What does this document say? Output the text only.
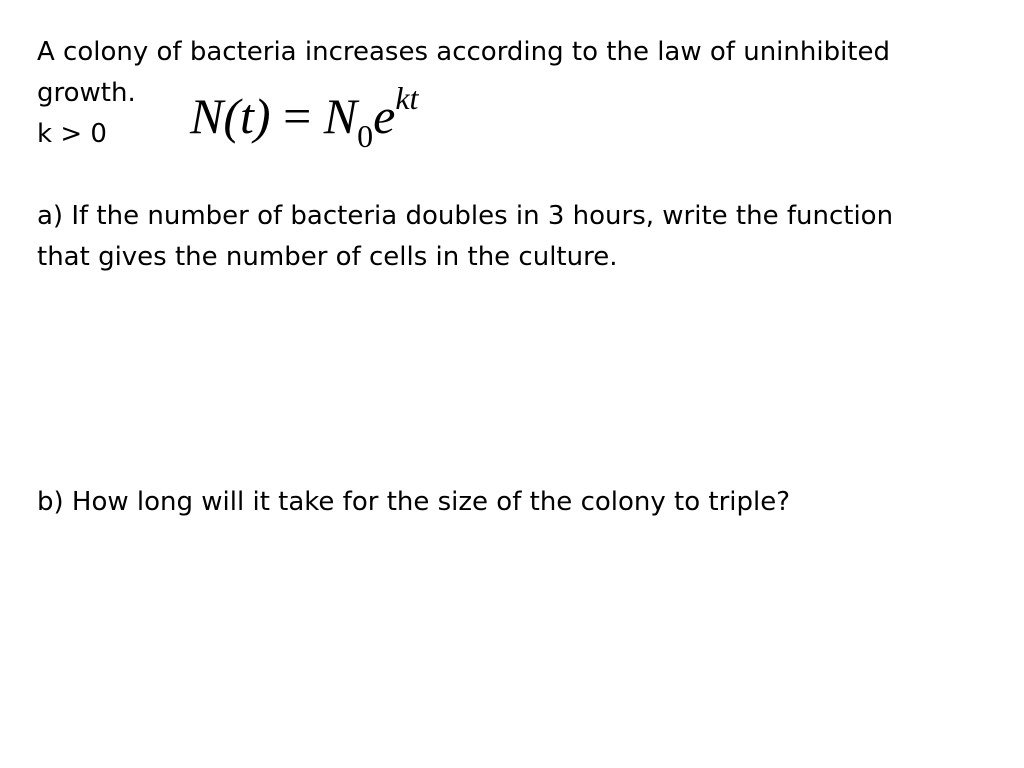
A colony of bacteria increases according to the law of uninhibited

growth.

k > 0 $N(t) = N_0e^{kt}$

a) If the number of bacteria doubles in 3 hours, write the function

that gives the number of cells in the culture.

b) How long will it take for the size of the colony to triple?
